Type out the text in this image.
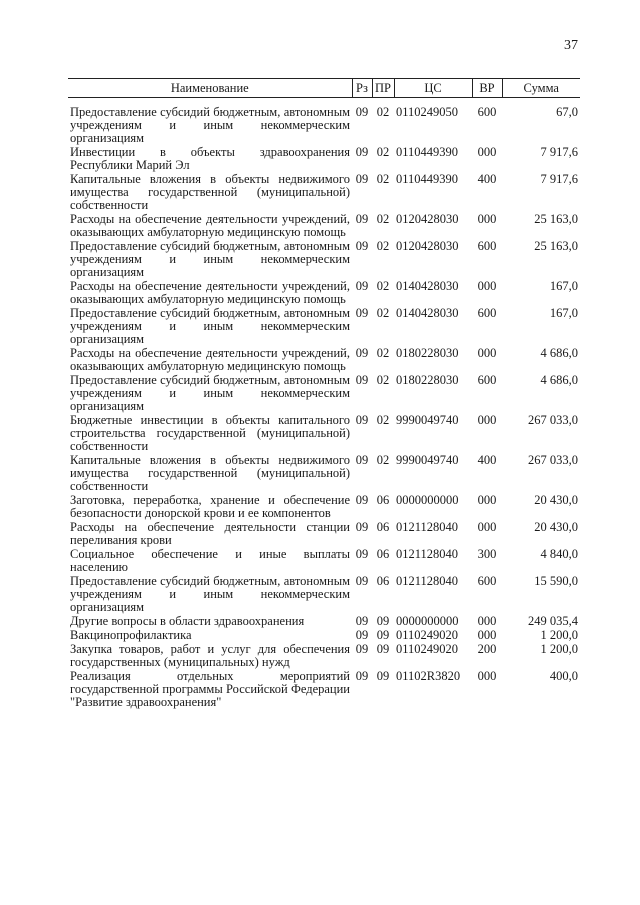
37
Наименование	Рз	ПР	ЦС	ВР	Сумма
Предоставление субсидий бюджетным, автономным учреждениям и иным некоммерческим организациям	09	02	0110249050	600	67,0
Инвестиции в объекты здравоохранения Республики Марий Эл	09	02	0110449390	000	7 917,6
Капитальные вложения в объекты недвижимого имущества государственной (муниципальной) собственности	09	02	0110449390	400	7 917,6
Расходы на обеспечение деятельности учреждений, оказывающих амбулаторную медицинскую помощь	09	02	0120428030	000	25 163,0
Предоставление субсидий бюджетным, автономным учреждениям и иным некоммерческим организациям	09	02	0120428030	600	25 163,0
Расходы на обеспечение деятельности учреждений, оказывающих амбулаторную медицинскую помощь	09	02	0140428030	000	167,0
Предоставление субсидий бюджетным, автономным учреждениям и иным некоммерческим организациям	09	02	0140428030	600	167,0
Расходы на обеспечение деятельности учреждений, оказывающих амбулаторную медицинскую помощь	09	02	0180228030	000	4 686,0
Предоставление субсидий бюджетным, автономным учреждениям и иным некоммерческим организациям	09	02	0180228030	600	4 686,0
Бюджетные инвестиции в объекты капитального строительства государственной (муниципальной) собственности	09	02	9990049740	000	267 033,0
Капитальные вложения в объекты недвижимого имущества государственной (муниципальной) собственности	09	02	9990049740	400	267 033,0
Заготовка, переработка, хранение и обеспечение безопасности донорской крови и ее компонентов	09	06	0000000000	000	20 430,0
Расходы на обеспечение деятельности станции переливания крови	09	06	0121128040	000	20 430,0
Социальное обеспечение и иные выплаты населению	09	06	0121128040	300	4 840,0
Предоставление субсидий бюджетным, автономным учреждениям и иным некоммерческим организациям	09	06	0121128040	600	15 590,0
Другие вопросы в области здравоохранения	09	09	0000000000	000	249 035,4
Вакцинопрофилактика	09	09	0110249020	000	1 200,0
Закупка товаров, работ и услуг для обеспечения государственных (муниципальных) нужд	09	09	0110249020	200	1 200,0
Реализация отдельных мероприятий государственной программы Российской Федерации "Развитие здравоохранения"	09	09	01102R3820	000	400,0
